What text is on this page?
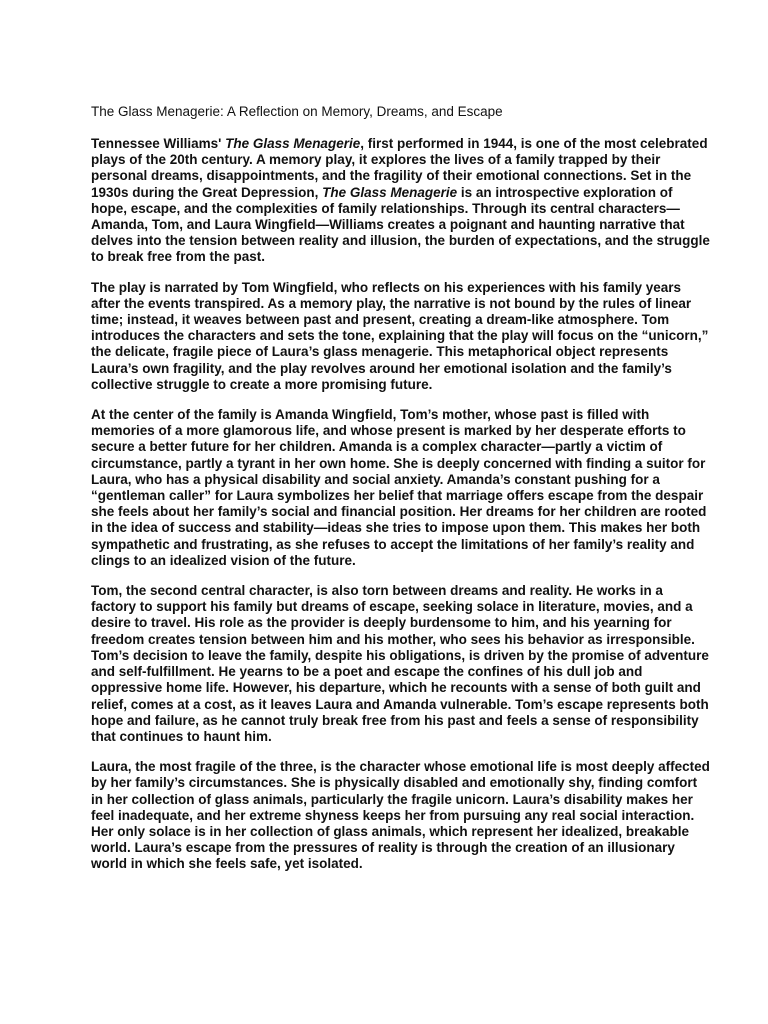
The Glass Menagerie: A Reflection on Memory, Dreams, and Escape

Tennessee Williams' The Glass Menagerie, first performed in 1944, is one of the most celebrated plays of the 20th century. A memory play, it explores the lives of a family trapped by their personal dreams, disappointments, and the fragility of their emotional connections. Set in the 1930s during the Great Depression, The Glass Menagerie is an introspective exploration of hope, escape, and the complexities of family relationships. Through its central characters—Amanda, Tom, and Laura Wingfield—Williams creates a poignant and haunting narrative that delves into the tension between reality and illusion, the burden of expectations, and the struggle to break free from the past.

The play is narrated by Tom Wingfield, who reflects on his experiences with his family years after the events transpired. As a memory play, the narrative is not bound by the rules of linear time; instead, it weaves between past and present, creating a dream-like atmosphere. Tom introduces the characters and sets the tone, explaining that the play will focus on the “unicorn,” the delicate, fragile piece of Laura’s glass menagerie. This metaphorical object represents Laura’s own fragility, and the play revolves around her emotional isolation and the family’s collective struggle to create a more promising future.

At the center of the family is Amanda Wingfield, Tom’s mother, whose past is filled with memories of a more glamorous life, and whose present is marked by her desperate efforts to secure a better future for her children. Amanda is a complex character—partly a victim of circumstance, partly a tyrant in her own home. She is deeply concerned with finding a suitor for Laura, who has a physical disability and social anxiety. Amanda’s constant pushing for a “gentleman caller” for Laura symbolizes her belief that marriage offers escape from the despair she feels about her family’s social and financial position. Her dreams for her children are rooted in the idea of success and stability—ideas she tries to impose upon them. This makes her both sympathetic and frustrating, as she refuses to accept the limitations of her family’s reality and clings to an idealized vision of the future.

Tom, the second central character, is also torn between dreams and reality. He works in a factory to support his family but dreams of escape, seeking solace in literature, movies, and a desire to travel. His role as the provider is deeply burdensome to him, and his yearning for freedom creates tension between him and his mother, who sees his behavior as irresponsible. Tom’s decision to leave the family, despite his obligations, is driven by the promise of adventure and self-fulfillment. He yearns to be a poet and escape the confines of his dull job and oppressive home life. However, his departure, which he recounts with a sense of both guilt and relief, comes at a cost, as it leaves Laura and Amanda vulnerable. Tom’s escape represents both hope and failure, as he cannot truly break free from his past and feels a sense of responsibility that continues to haunt him.

Laura, the most fragile of the three, is the character whose emotional life is most deeply affected by her family’s circumstances. She is physically disabled and emotionally shy, finding comfort in her collection of glass animals, particularly the fragile unicorn. Laura’s disability makes her feel inadequate, and her extreme shyness keeps her from pursuing any real social interaction. Her only solace is in her collection of glass animals, which represent her idealized, breakable world. Laura’s escape from the pressures of reality is through the creation of an illusionary world in which she feels safe, yet isolated.
